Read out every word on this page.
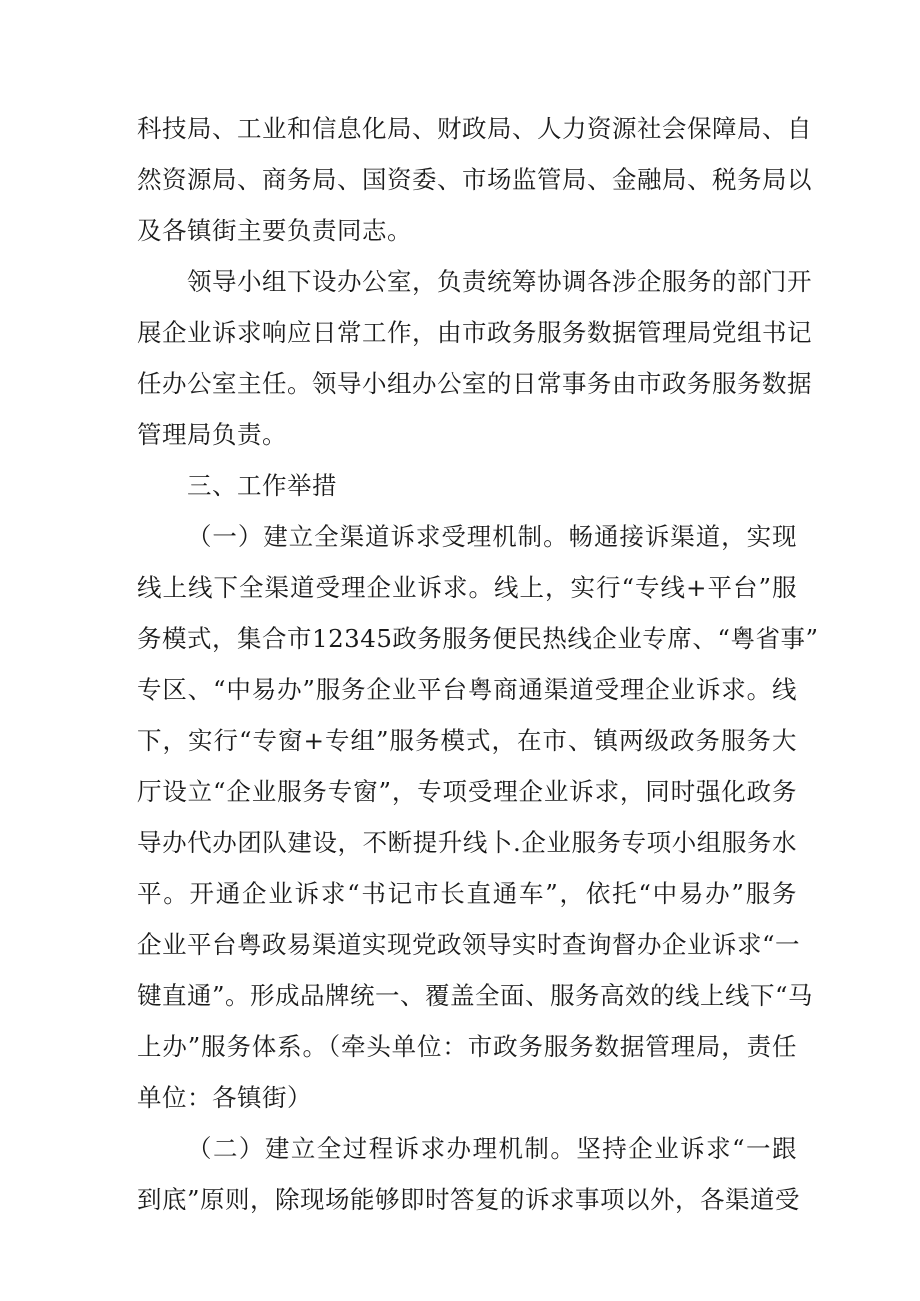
科技局、工业和信息化局、财政局、人力资源社会保障局、自
然资源局、商务局、国资委、市场监管局、金融局、税务局以
及各镇街主要负责同志。
领导小组下设办公室，负责统筹协调各涉企服务的部门开
展企业诉求响应日常工作，由市政务服务数据管理局党组书记
任办公室主任。领导小组办公室的日常事务由市政务服务数据
管理局负责。
三、工作举措
（一）建立全渠道诉求受理机制。畅通接诉渠道，实现
线上线下全渠道受理企业诉求。线上，实行“专线+平台”服
务模式，集合市12345政务服务便民热线企业专席、“粤省事”
专区、“中易办”服务企业平台粤商通渠道受理企业诉求。线
下，实行“专窗+专组”服务模式，在市、镇两级政务服务大
厅设立“企业服务专窗”，专项受理企业诉求，同时强化政务
导办代办团队建设，不断提升线卜.企业服务专项小组服务水
平。开通企业诉求“书记市长直通车”，依托“中易办”服务
企业平台粤政易渠道实现党政领导实时查询督办企业诉求“一
键直通”。形成品牌统一、覆盖全面、服务高效的线上线下“马
上办”服务体系。（牵头单位：市政务服务数据管理局，责任
单位：各镇街）
（二）建立全过程诉求办理机制。坚持企业诉求“一跟
到底”原则，除现场能够即时答复的诉求事项以外，各渠道受
